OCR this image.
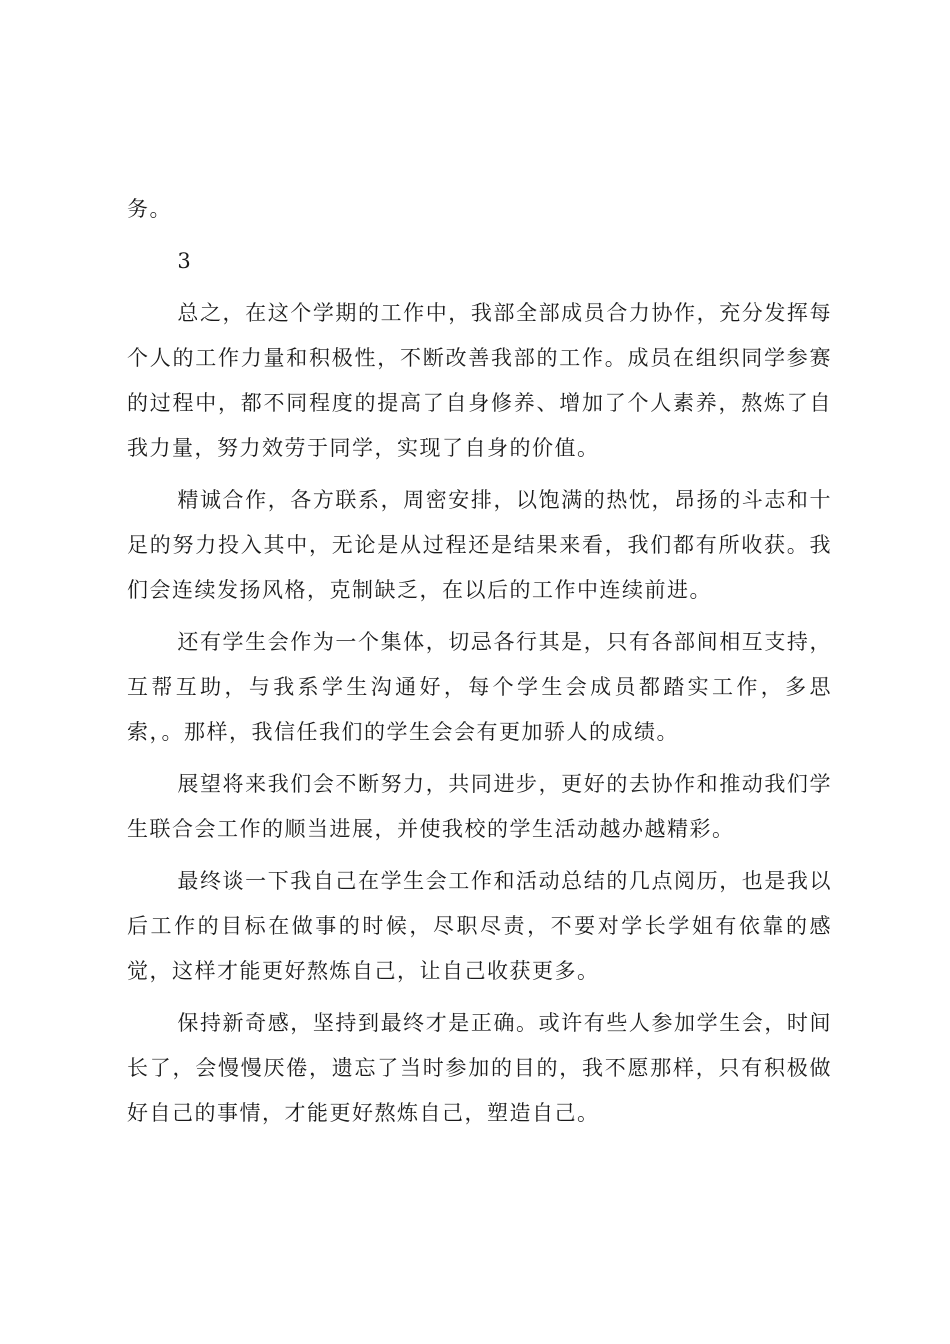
务。

3

总之，在这个学期的工作中，我部全部成员合力协作，充分发挥每个人的工作力量和积极性，不断改善我部的工作。成员在组织同学参赛的过程中，都不同程度的提高了自身修养、增加了个人素养，熬炼了自我力量，努力效劳于同学，实现了自身的价值。

精诚合作，各方联系，周密安排，以饱满的热忱，昂扬的斗志和十足的努力投入其中，无论是从过程还是结果来看，我们都有所收获。我们会连续发扬风格，克制缺乏，在以后的工作中连续前进。

还有学生会作为一个集体，切忌各行其是，只有各部间相互支持，互帮互助，与我系学生沟通好，每个学生会成员都踏实工作，多思索，。那样，我信任我们的学生会会有更加骄人的成绩。

展望将来我们会不断努力，共同进步，更好的去协作和推动我们学生联合会工作的顺当进展，并使我校的学生活动越办越精彩。

最终谈一下我自己在学生会工作和活动总结的几点阅历，也是我以后工作的目标在做事的时候，尽职尽责，不要对学长学姐有依靠的感觉，这样才能更好熬炼自己，让自己收获更多。

保持新奇感，坚持到最终才是正确。或许有些人参加学生会，时间长了，会慢慢厌倦，遗忘了当时参加的目的，我不愿那样，只有积极做好自己的事情，才能更好熬炼自己，塑造自己。
